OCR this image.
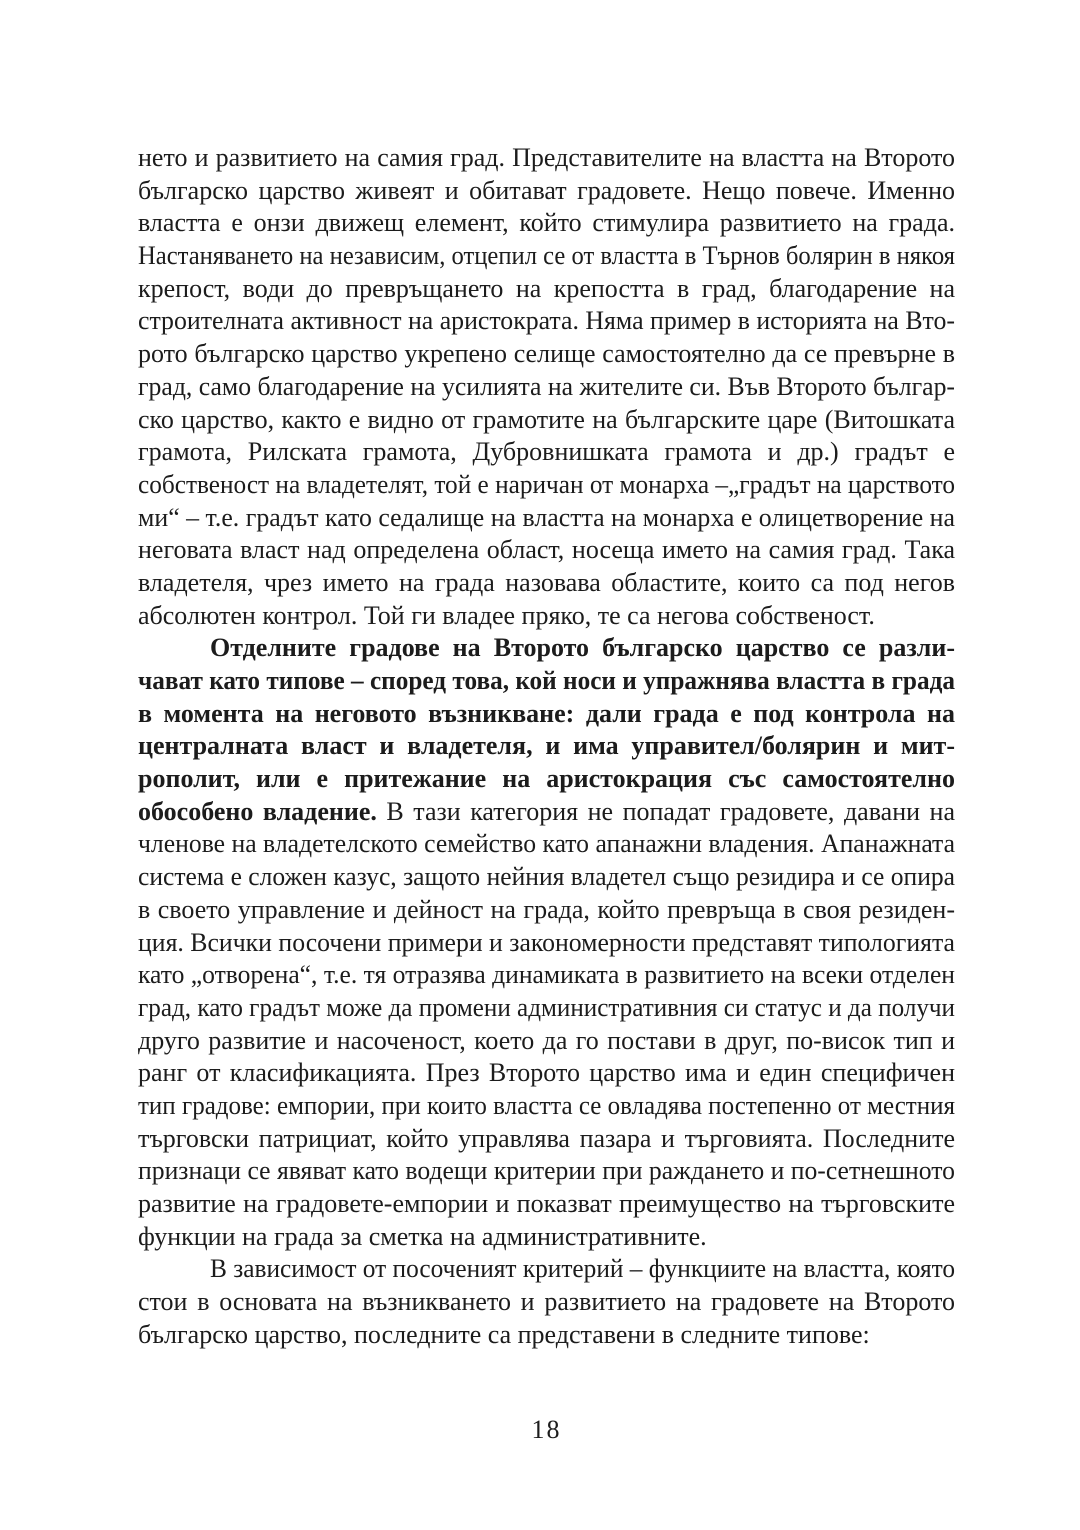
нето и развитието на самия град. Представителите на властта на Второто
българско царство живеят и обитават градовете. Нещо повече. Именно
властта е онзи движещ елемент, който стимулира развитието на града.
Настаняването на независим, отцепил се от властта в Търнов болярин в някоя
крепост, води до превръщането на крепостта в град, благодарение на
строителната активност на аристократа. Няма пример в историята на Вто-
рото българско царство укрепено селище самостоятелно да се превърне в
град, само благодарение на усилията на жителите си. Във Второто българ-
ско царство, както е видно от грамотите на българските царе (Витошката
грамота, Рилската грамота, Дубровнишката грамота и др.) градът е
собственост на владетелят, той е наричан от монарха –„градът на царството
ми“ – т.е. градът като седалище на властта на монарха е олицетворение на
неговата власт над определена област, носеща името на самия град. Така
владетеля, чрез името на града назовава областите, които са под негов
абсолютен контрол. Той ги владее пряко, те са негова собственост.
Отделните градове на Второто българско царство се разли-
чават като типове – според това, кой носи и упражнява властта в града
в момента на неговото възникване: дали града е под контрола на
централната власт и владетеля, и има управител/болярин и мит-
рополит, или е притежание на аристокрация със самостоятелно
обособено владение. В тази категория не попадат градовете, давани на
членове на владетелското семейство като апанажни владения. Апанажната
система е сложен казус, защото нейния владетел също резидира и се опира
в своето управление и дейност на града, който превръща в своя резиден-
ция. Всички посочени примери и закономерности представят типологията
като „отворена“, т.е. тя отразява динамиката в развитието на всеки отделен
град, като градът може да промени административния си статус и да получи
друго развитие и насоченост, което да го постави в друг, по-висок тип и
ранг от класификацията. През Второто царство има и един специфичен
тип градове: емпории, при които властта се овладява постепенно от местния
търговски патрициат, който управлява пазара и търговията. Последните
признаци се явяват като водещи критерии при раждането и по-сетнешното
развитие на градовете-емпории и показват преимущество на търговските
функции на града за сметка на административните.
В зависимост от посоченият критерий – функциите на властта, която
стои в основата на възникването и развитието на градовете на Второто
българско царство, последните са представени в следните типове:
18
